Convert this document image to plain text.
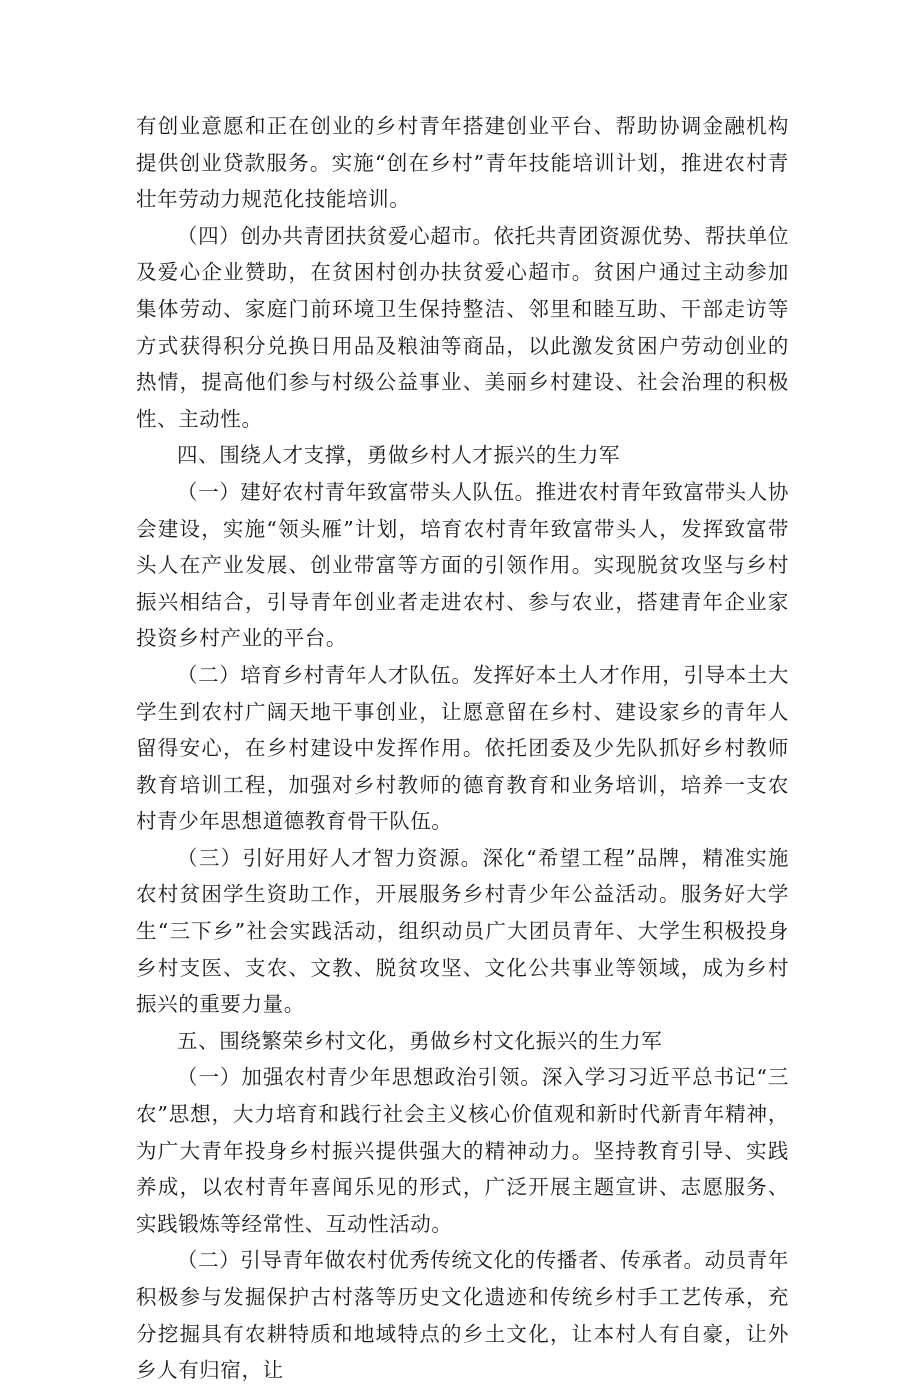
有创业意愿和正在创业的乡村青年搭建创业平台、帮助协调金融机构提供创业贷款服务。实施“创在乡村”青年技能培训计划，推进农村青壮年劳动力规范化技能培训。

（四）创办共青团扶贫爱心超市。依托共青团资源优势、帮扶单位及爱心企业赞助，在贫困村创办扶贫爱心超市。贫困户通过主动参加集体劳动、家庭门前环境卫生保持整洁、邻里和睦互助、干部走访等方式获得积分兑换日用品及粮油等商品，以此激发贫困户劳动创业的热情，提高他们参与村级公益事业、美丽乡村建设、社会治理的积极性、主动性。

四、围绕人才支撑，勇做乡村人才振兴的生力军

（一）建好农村青年致富带头人队伍。推进农村青年致富带头人协会建设，实施“领头雁”计划，培育农村青年致富带头人，发挥致富带头人在产业发展、创业带富等方面的引领作用。实现脱贫攻坚与乡村振兴相结合，引导青年创业者走进农村、参与农业，搭建青年企业家投资乡村产业的平台。

（二）培育乡村青年人才队伍。发挥好本土人才作用，引导本土大学生到农村广阔天地干事创业，让愿意留在乡村、建设家乡的青年人留得安心，在乡村建设中发挥作用。依托团委及少先队抓好乡村教师教育培训工程，加强对乡村教师的德育教育和业务培训，培养一支农村青少年思想道德教育骨干队伍。

（三）引好用好人才智力资源。深化“希望工程”品牌，精准实施农村贫困学生资助工作，开展服务乡村青少年公益活动。服务好大学生“三下乡”社会实践活动，组织动员广大团员青年、大学生积极投身乡村支医、支农、文教、脱贫攻坚、文化公共事业等领域，成为乡村振兴的重要力量。

五、围绕繁荣乡村文化，勇做乡村文化振兴的生力军

（一）加强农村青少年思想政治引领。深入学习习近平总书记“三农”思想，大力培育和践行社会主义核心价值观和新时代新青年精神，为广大青年投身乡村振兴提供强大的精神动力。坚持教育引导、实践养成，以农村青年喜闻乐见的形式，广泛开展主题宣讲、志愿服务、实践锻炼等经常性、互动性活动。

（二）引导青年做农村优秀传统文化的传播者、传承者。动员青年积极参与发掘保护古村落等历史文化遗迹和传统乡村手工艺传承，充分挖掘具有农耕特质和地域特点的乡土文化，让本村人有自豪，让外乡人有归宿，让
